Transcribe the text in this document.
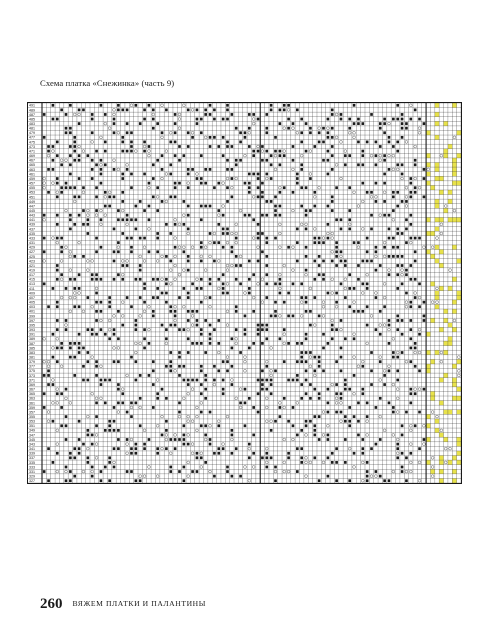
Схема платка «Снежинка» (часть 9)
491
489
487
485
483
481
479
477
475
473
471
469
467
465
463
461
459
457
455
453
451
449
447
445
443
441
439
437
435
433
431
429
427
425
423
421
419
417
415
413
411
409
407
405
403
401
399
397
395
393
391
389
387
385
383
381
379
377
375
373
371
369
367
365
363
361
359
357
355
353
351
349
347
345
343
341
339
337
335
333
331
329
327
260 ВЯЖЕМ ПЛАТКИ И ПАЛАНТИНЫ
